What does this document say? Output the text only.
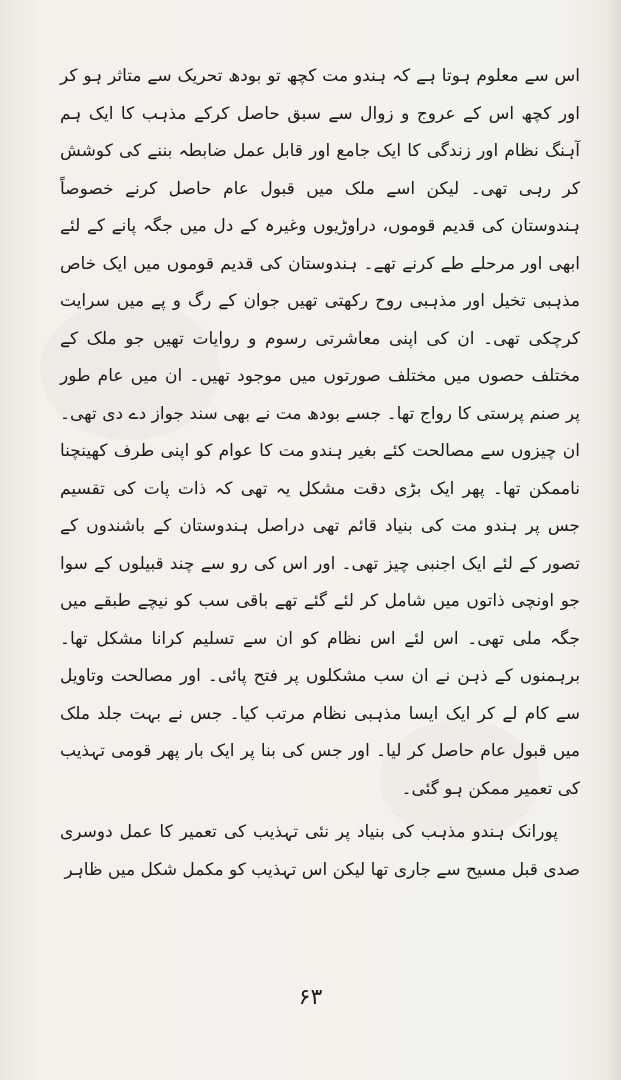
اس سے معلوم ہوتا ہے کہ ہندو مت کچھ تو بودھ تحریک سے متاثر ہو کر اور کچھ اس کے عروج و زوال سے سبق حاصل کرکے مذہب کا ایک ہم آہنگ نظام اور زندگی کا ایک جامع اور قابل عمل ضابطہ بننے کی کوشش کر رہی تھی۔ لیکن اسے ملک میں قبول عام حاصل کرنے خصوصاً ہندوستان کی قدیم قوموں، دراوڑیوں وغیرہ کے دل میں جگہ پانے کے لئے ابھی اور مرحلے طے کرنے تھے۔ ہندوستان کی قدیم قوموں میں ایک خاص مذہبی تخیل اور مذہبی روح رکھتی تھیں جوان کے رگ و پے میں سرایت کرچکی تھی۔ ان کی اپنی معاشرتی رسوم و روایات تھیں جو ملک کے مختلف حصوں میں مختلف صورتوں میں موجود تھیں۔ ان میں عام طور پر صنم پرستی کا رواج تھا۔ جسے بودھ مت نے بھی سند جواز دے دی تھی۔ ان چیزوں سے مصالحت کئے بغیر ہندو مت کا عوام کو اپنی طرف کھینچنا ناممکن تھا۔ پھر ایک بڑی دقت مشکل یہ تھی کہ ذات پات کی تقسیم جس پر ہندو مت کی بنیاد قائم تھی دراصل ہندوستان کے باشندوں کے تصور کے لئے ایک اجنبی چیز تھی۔ اور اس کی رو سے چند قبیلوں کے سوا جو اونچی ذاتوں میں شامل کر لئے گئے تھے باقی سب کو نیچے طبقے میں جگہ ملی تھی۔ اس لئے اس نظام کو ان سے تسلیم کرانا مشکل تھا۔ برہمنوں کے ذہن نے ان سب مشکلوں پر فتح پائی۔ اور مصالحت وتاویل سے کام لے کر ایک ایسا مذہبی نظام مرتب کیا۔ جس نے بہت جلد ملک میں قبول عام حاصل کر لیا۔ اور جس کی بنا پر ایک بار پھر قومی تہذیب کی تعمیر ممکن ہو گئی۔

پورانک ہندو مذہب کی بنیاد پر نئی تہذیب کی تعمیر کا عمل دوسری صدی قبل مسیح سے جاری تھا لیکن اس تہذیب کو مکمل شکل میں ظاہر

۶۳
